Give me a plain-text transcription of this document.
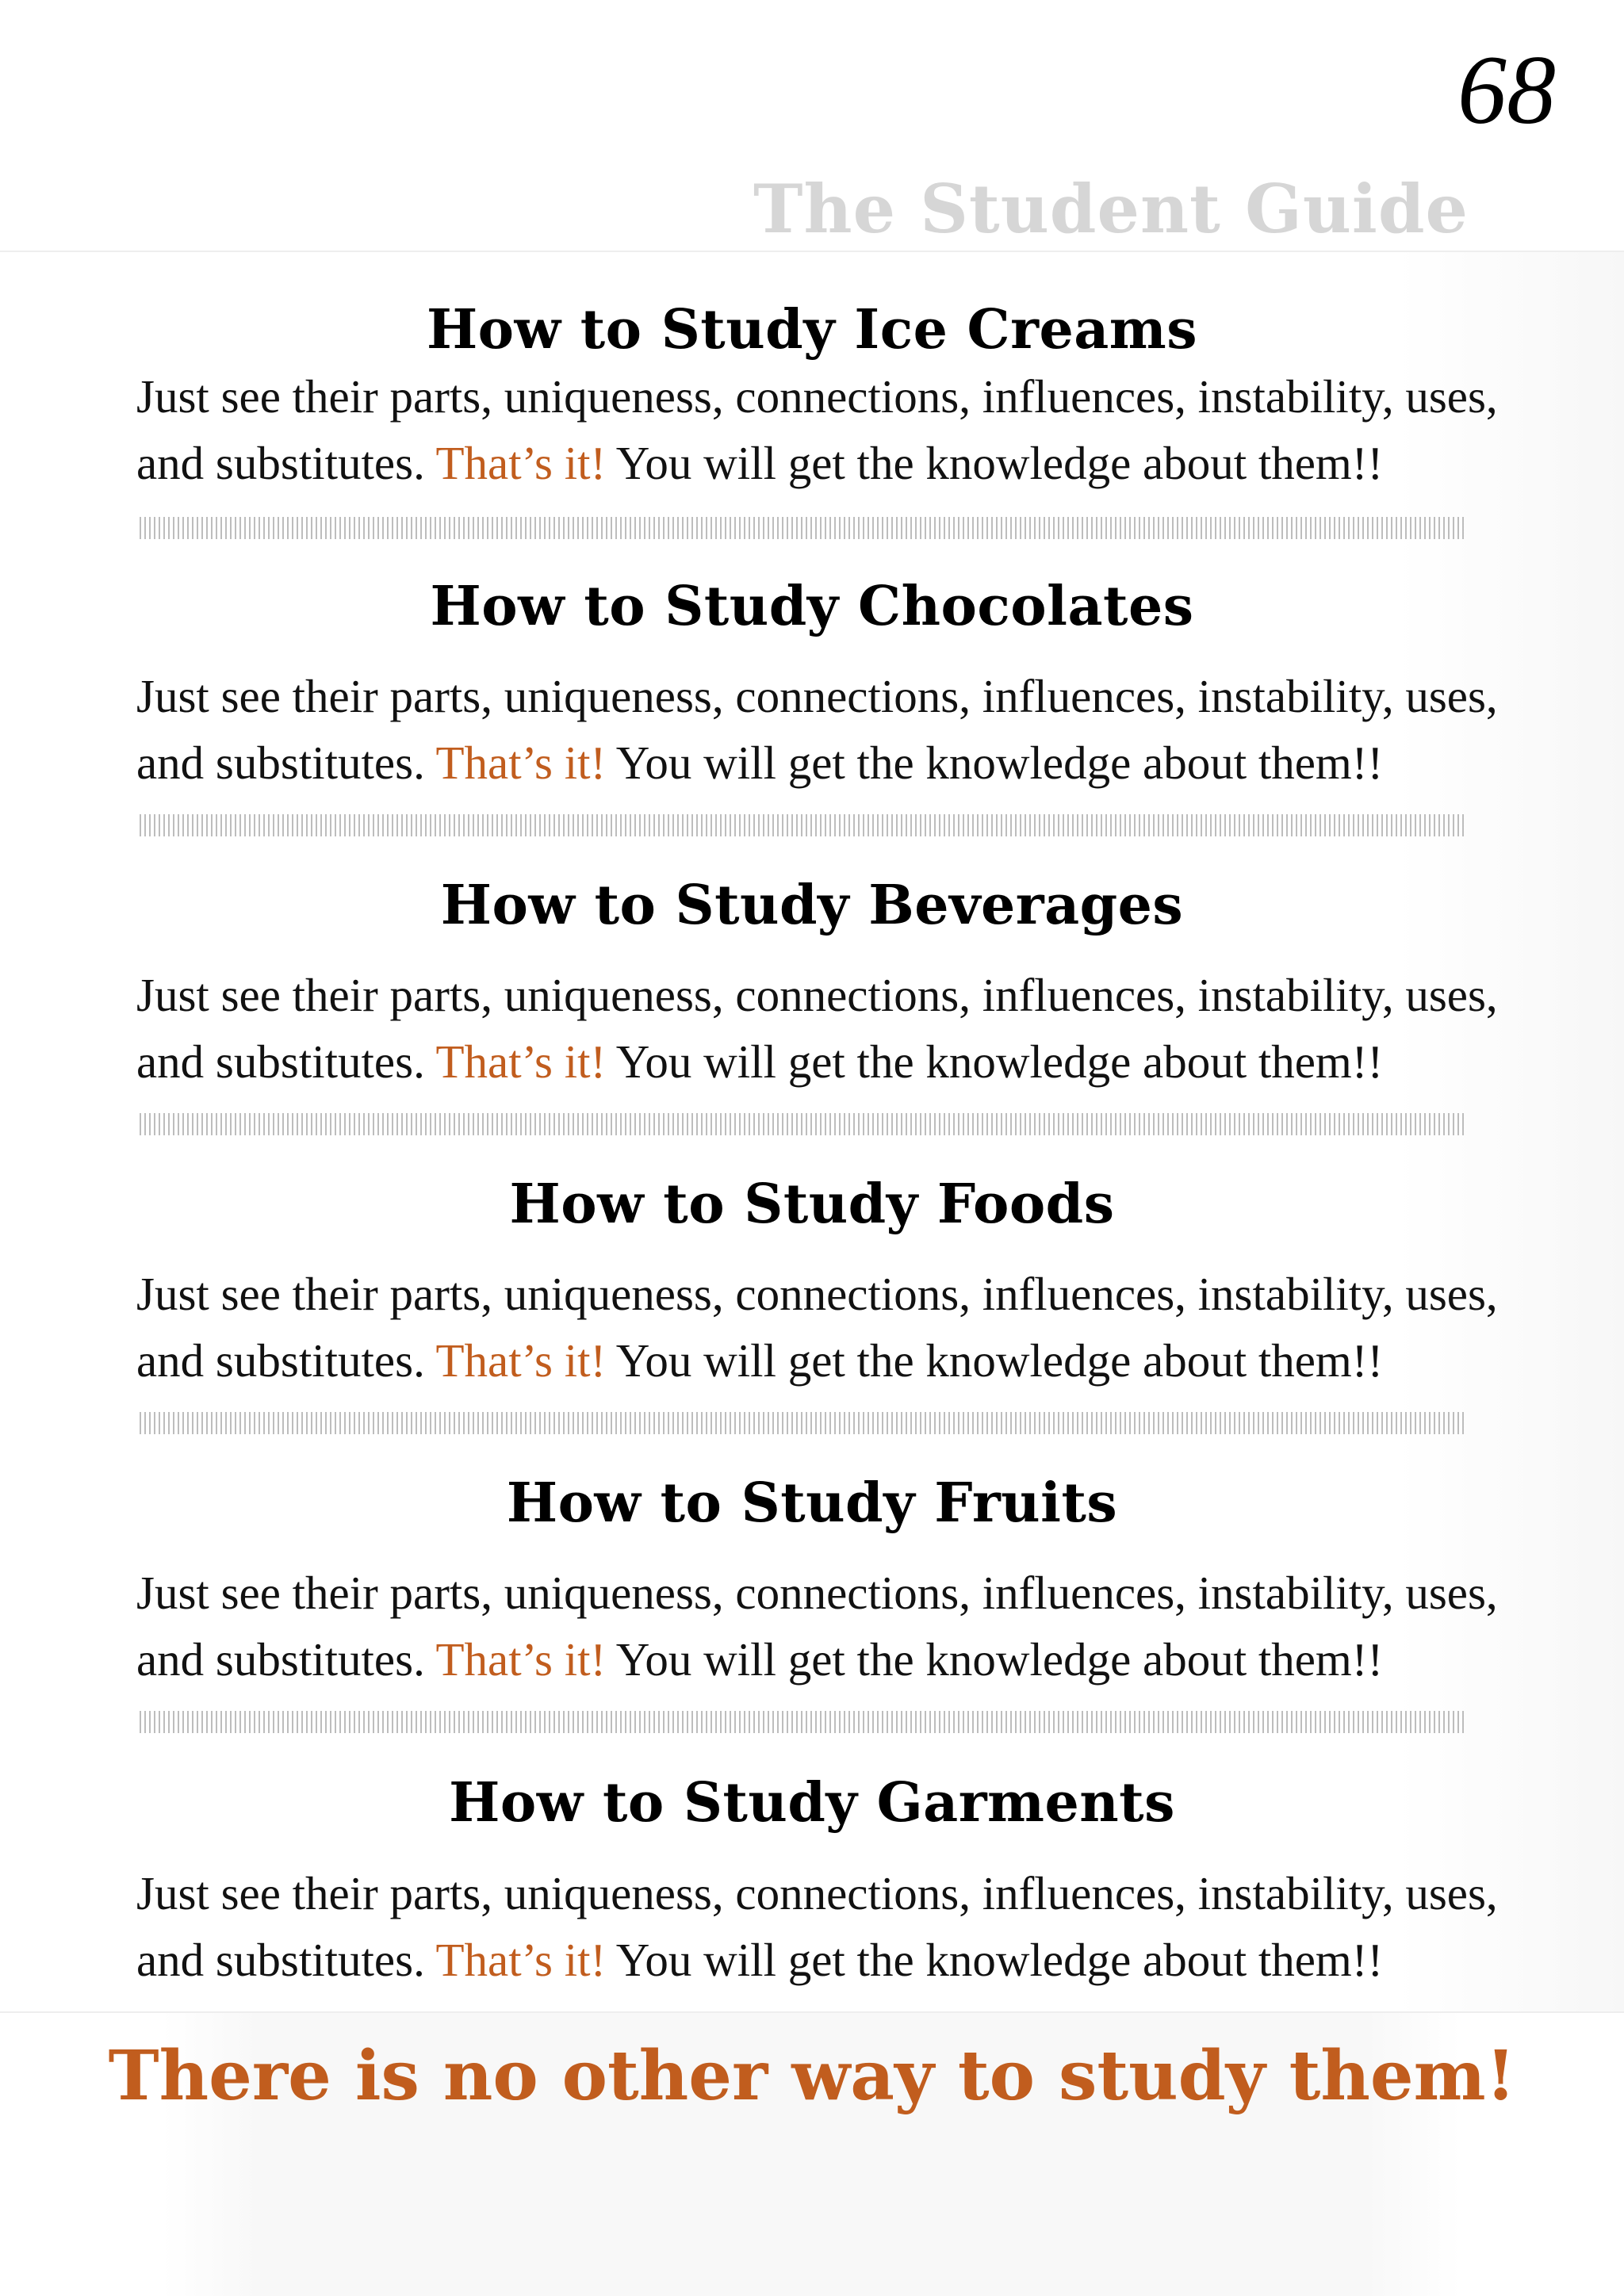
68
The Student Guide
How to Study Ice Creams
Just see their parts, uniqueness, connections, influences, instability, uses,
and substitutes. That’s it! You will get the knowledge about them!!
How to Study Chocolates
Just see their parts, uniqueness, connections, influences, instability, uses,
and substitutes. That’s it! You will get the knowledge about them!!
How to Study Beverages
Just see their parts, uniqueness, connections, influences, instability, uses,
and substitutes. That’s it! You will get the knowledge about them!!
How to Study Foods
Just see their parts, uniqueness, connections, influences, instability, uses,
and substitutes. That’s it! You will get the knowledge about them!!
How to Study Fruits
Just see their parts, uniqueness, connections, influences, instability, uses,
and substitutes. That’s it! You will get the knowledge about them!!
How to Study Garments
Just see their parts, uniqueness, connections, influences, instability, uses,
and substitutes. That’s it! You will get the knowledge about them!!
There is no other way to study them!
